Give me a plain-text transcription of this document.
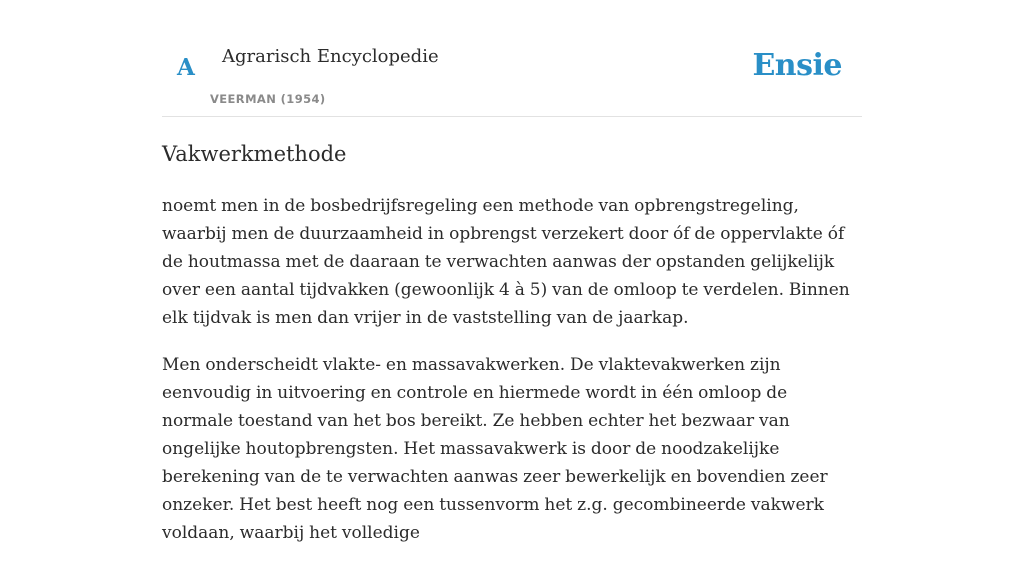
A Agrarisch Encyclopedie
VEERMAN (1954)
Ensie
Vakwerkmethode

noemt men in de bosbedrijfsregeling een methode van opbrengstregeling, waarbij men de duurzaamheid in opbrengst verzekert door óf de oppervlakte óf de houtmassa met de daaraan te verwachten aanwas der opstanden gelijkelijk over een aantal tijdvakken (gewoonlijk 4 à 5) van de omloop te verdelen. Binnen elk tijdvak is men dan vrijer in de vaststelling van de jaarkap.

Men onderscheidt vlakte- en massavakwerken. De vlaktevakwerken zijn eenvoudig in uitvoering en controle en hiermede wordt in één omloop de normale toestand van het bos bereikt. Ze hebben echter het bezwaar van ongelijke houtopbrengsten. Het massavakwerk is door de noodzakelijke berekening van de te verwachten aanwas zeer bewerkelijk en bovendien zeer onzeker. Het best heeft nog een tussenvorm het z.g. gecombineerde vakwerk voldaan, waarbij het volledige
